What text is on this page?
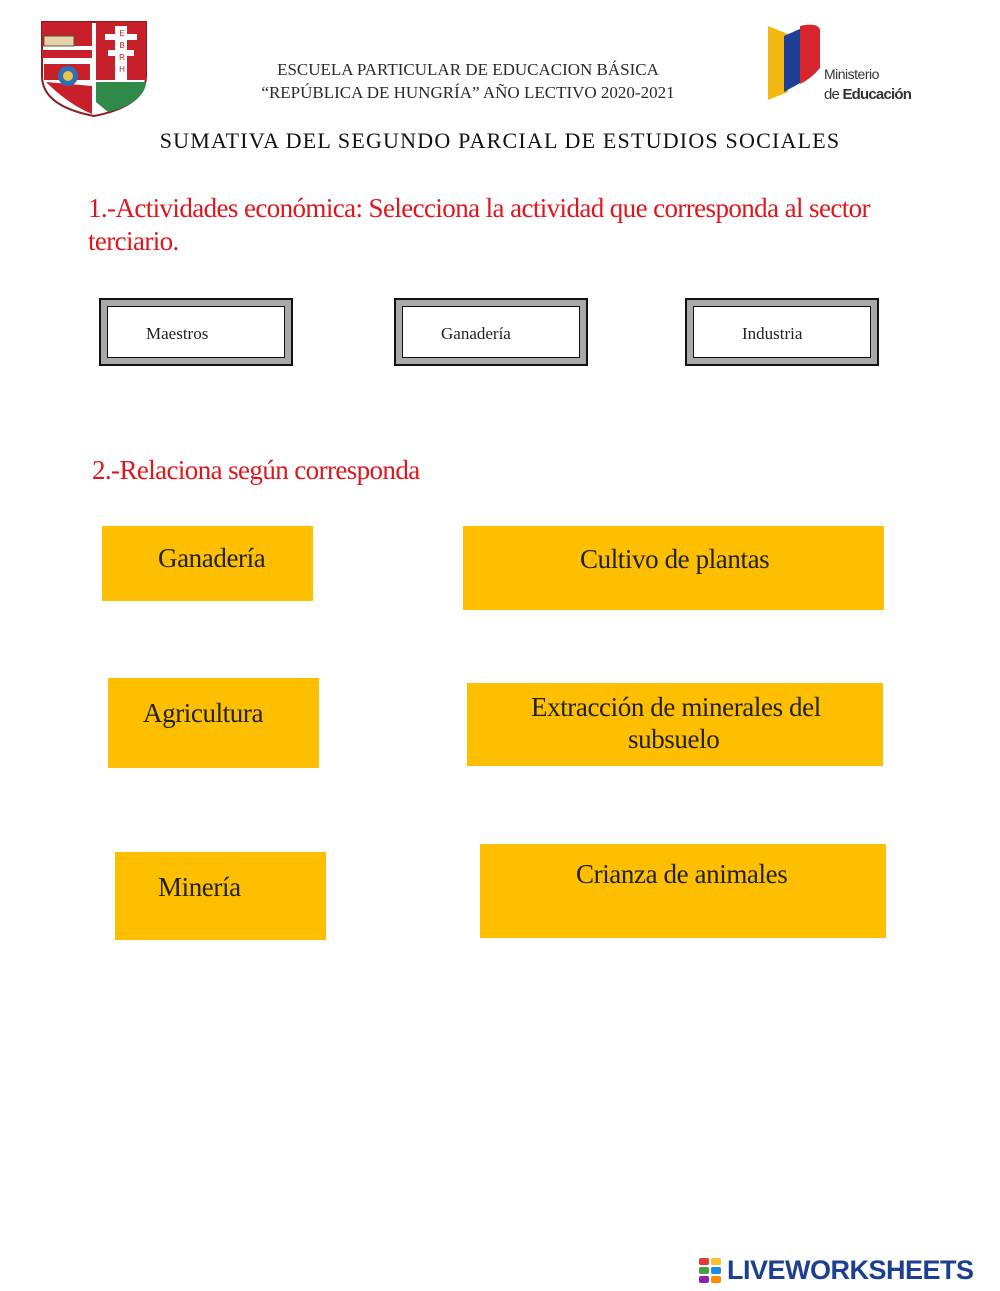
EBRH	ESCUELA PARTICULAR DE EDUCACION BÁSICA
“REPÚBLICA DE HUNGRÍA” AÑO LECTIVO 2020-2021
Ministerio
de Educación
SUMATIVA DEL SEGUNDO PARCIAL DE ESTUDIOS SOCIALES
1.-Actividades económica: Selecciona la actividad que corresponda al sector terciario.
Maestros	Ganadería	Industria
2.-Relaciona según corresponda
Ganadería
Agricultura
Minería
Cultivo de plantas
Extracción de minerales del
subsuelo
Crianza de animales
LIVEWORKSHEETS
